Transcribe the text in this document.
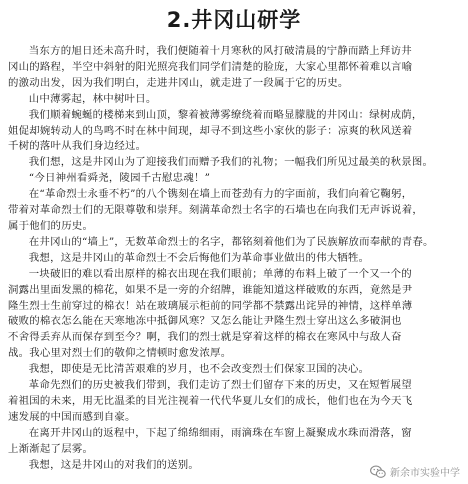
2.井冈山研学

当东方的旭日还未高升时，我们便随着十月寒秋的风打破清晨的宁静而踏上拜访井

冈山的路程，半空中斜射的阳光照亮我们同学们清楚的脸庞，大家心里都怀着难以言喻

的激动出发，因为我们明白，走进井冈山，就走进了一段属于它的历史。

山中薄雾起，林中树叶日。

我们顺着蜿蜒的楼梯来到山顶，黎着被薄雾缭绕着而略显朦胧的井冈山：绿树成荫，

姐促却婉转动人的鸟鸣不时在林中间现，却寻不到这些小家伙的影子：凉爽的秋风送着

千树的落叶从我们身边经过。

我们想，这是井冈山为了迎接我们而赠予我们的礼物；一幅我们所见过最美的秋景图。

“今日神州看舜尧，陵园千古慰忠魂！”

在“革命烈士永垂不朽”的八个镌刻在墙上而苍劲有力的字面前，我们向着它鞠躬，

带着对革命烈士们的无限尊敬和崇拜。刻满革命烈士名字的石墙也在向我们无声诉说着，

属于他们的历史。

在井冈山的“墙上”，无数革命烈士的名字，都铭刻着他们为了民族解放而奉献的青春。

我想，这是井冈山的革命烈士不会后悔他们为革命事业做出的伟大牺牲。

一块破旧的难以看出原样的棉衣出现在我们眼前；单薄的布料上破了一个又一个的

洞露出里面发黑的棉花，如果不是一旁的介绍牌，谁能知道这样破败的东西，竟然是尹

隆生烈士生前穿过的棉衣！站在玻璃展示柜前的同学都不禁露出诧异的神情，这样单薄

破败的棉衣怎么能在天寒地冻中抵御风寒？又怎么能让尹隆生烈士穿出这么多破洞也

不舍得丢弃从而保存到至今？啊，我们的烈士就是穿着这样的棉衣在寒风中与敌人奋

战。我心里对烈士们的敬仰之情顿时愈发浓厚。

我想，即使是无比清苦艰难的岁月，也不会改变烈士们保家卫国的决心。

革命先烈们的历史被我们带到，我们走访了烈士们留存下来的历史，又在短暂展望

着祖国的未来，用无比温柔的目光注视着一代代华夏儿女们的成长，他们也在为今天飞

速发展的中国而感到自豪。

在离开井冈山的返程中，下起了绵绵细雨，雨滴珠在车窗上凝聚成水珠而滑落，窗

上渐渐起了层雾。

我想，这是井冈山的对我们的送别。

新余市实验中学
